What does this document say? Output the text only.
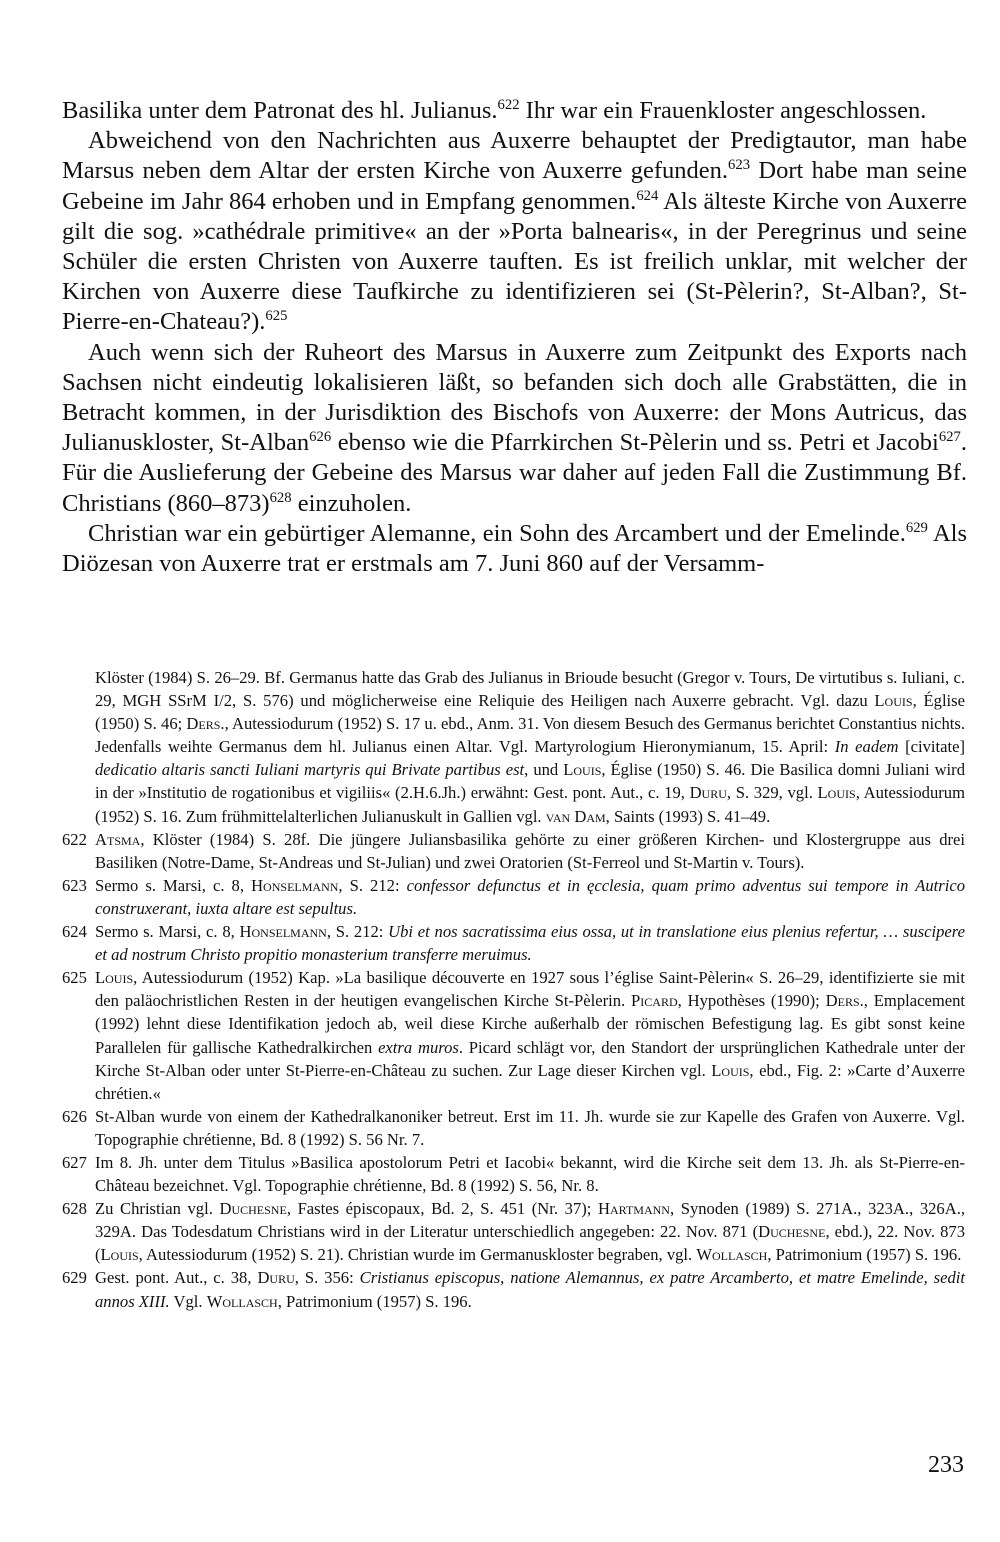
Basilika unter dem Patronat des hl. Julianus.$^{622}$ Ihr war ein Frauenkloster angeschlossen.

Abweichend von den Nachrichten aus Auxerre behauptet der Predigtautor, man habe Marsus neben dem Altar der ersten Kirche von Auxerre gefunden.$^{623}$ Dort habe man seine Gebeine im Jahr 864 erhoben und in Empfang genommen.$^{624}$ Als älteste Kirche von Auxerre gilt die sog. »cathédrale primitive« an der »Porta balnearis«, in der Peregrinus und seine Schüler die ersten Christen von Auxerre tauften. Es ist freilich unklar, mit welcher der Kirchen von Auxerre diese Taufkirche zu identifizieren sei (St-Pèlerin?, St-Alban?, St-Pierre-en-Chateau?).$^{625}$

Auch wenn sich der Ruheort des Marsus in Auxerre zum Zeitpunkt des Exports nach Sachsen nicht eindeutig lokalisieren läßt, so befanden sich doch alle Grabstätten, die in Betracht kommen, in der Jurisdiktion des Bischofs von Auxerre: der Mons Autricus, das Julianuskloster, St-Alban$^{626}$ ebenso wie die Pfarrkirchen St-Pèlerin und ss. Petri et Jacobi$^{627}$. Für die Auslieferung der Gebeine des Marsus war daher auf jeden Fall die Zustimmung Bf. Christians $(860-873)^{628}$ einzuholen.

Christian war ein gebürtiger Alemanne, ein Sohn des Arcambert und der Emelinde.$^{629}$ Als Diözesan von Auxerre trat er erstmals am 7. Juni 860 auf der Versamm-

Klöster (1984) S. 26–29. Bf. Germanus hatte das Grab des Julianus in Brioude besucht (Gregor v. Tours, De virtutibus s. Iuliani, c. 29, MGH SSrM I/2, S. 576) und möglicherweise eine Reliquie des Heiligen nach Auxerre gebracht. Vgl. dazu Louis, Église (1950) S. 46; Ders., Autessiodurum (1952) S. 17 u. ebd., Anm. 31. Von diesem Besuch des Germanus berichtet Constantius nichts. Jedenfalls weihte Germanus dem hl. Julianus einen Altar. Vgl. Martyrologium Hieronymianum, 15. April: In eadem [civitate] dedicatio altaris sancti Iuliani martyris qui Brivate partibus est, und Louis, Église (1950) S. 46. Die Basilica domni Juliani wird in der »Institutio de rogationibus et vigiliis« (2.H.6.Jh.) erwähnt: Gest. pont. Aut., c. 19, Duru, S. 329, vgl. Louis, Autessiodurum (1952) S. 16. Zum frühmittelalterlichen Julianuskult in Gallien vgl. van Dam, Saints (1993) S. 41–49.

622 Atsma, Klöster (1984) S. 28f. Die jüngere Juliansbasilika gehörte zu einer größeren Kirchen- und Klostergruppe aus drei Basiliken (Notre-Dame, St-Andreas und St-Julian) und zwei Oratorien (St-Ferreol und St-Martin v. Tours).
623 Sermo s. Marsi, c. 8, Honselmann, S. 212: confessor defunctus et in ęcclesia, quam primo adventus sui tempore in Autrico construxerant, iuxta altare est sepultus.
624 Sermo s. Marsi, c. 8, Honselmann, S. 212: Ubi et nos sacratissima eius ossa, ut in translatione eius plenius refertur, … suscipere et ad nostrum Christo propitio monasterium transferre meruimus.
625 Louis, Autessiodurum (1952) Kap. »La basilique découverte en 1927 sous l’église Saint-Pèlerin« S. 26–29, identifizierte sie mit den paläochristlichen Resten in der heutigen evangelischen Kirche St-Pèlerin. Picard, Hypothèses (1990); Ders., Emplacement (1992) lehnt diese Identifikation jedoch ab, weil diese Kirche außerhalb der römischen Befestigung lag. Es gibt sonst keine Parallelen für gallische Kathedralkirchen extra muros. Picard schlägt vor, den Standort der ursprünglichen Kathedrale unter der Kirche St-Alban oder unter St-Pierre-en-Château zu suchen. Zur Lage dieser Kirchen vgl. Louis, ebd., Fig. 2: »Carte d’Auxerre chrétien.«
626 St-Alban wurde von einem der Kathedralkanoniker betreut. Erst im 11. Jh. wurde sie zur Kapelle des Grafen von Auxerre. Vgl. Topographie chrétienne, Bd. 8 (1992) S. 56 Nr. 7.
627 Im 8. Jh. unter dem Titulus »Basilica apostolorum Petri et Iacobi« bekannt, wird die Kirche seit dem 13. Jh. als St-Pierre-en-Château bezeichnet. Vgl. Topographie chrétienne, Bd. 8 (1992) S. 56, Nr. 8.
628 Zu Christian vgl. Duchesne, Fastes épiscopaux, Bd. 2, S. 451 (Nr. 37); Hartmann, Synoden (1989) S. 271A., 323A., 326A., 329A. Das Todesdatum Christians wird in der Literatur unterschiedlich angegeben: 22. Nov. 871 (Duchesne, ebd.), 22. Nov. 873 (Louis, Autessiodurum (1952) S. 21). Christian wurde im Germanuskloster begraben, vgl. Wollasch, Patrimonium (1957) S. 196.
629 Gest. pont. Aut., c. 38, Duru, S. 356: Cristianus episcopus, natione Alemannus, ex patre Arcamberto, et matre Emelinde, sedit annos XIII. Vgl. Wollasch, Patrimonium (1957) S. 196.
233
